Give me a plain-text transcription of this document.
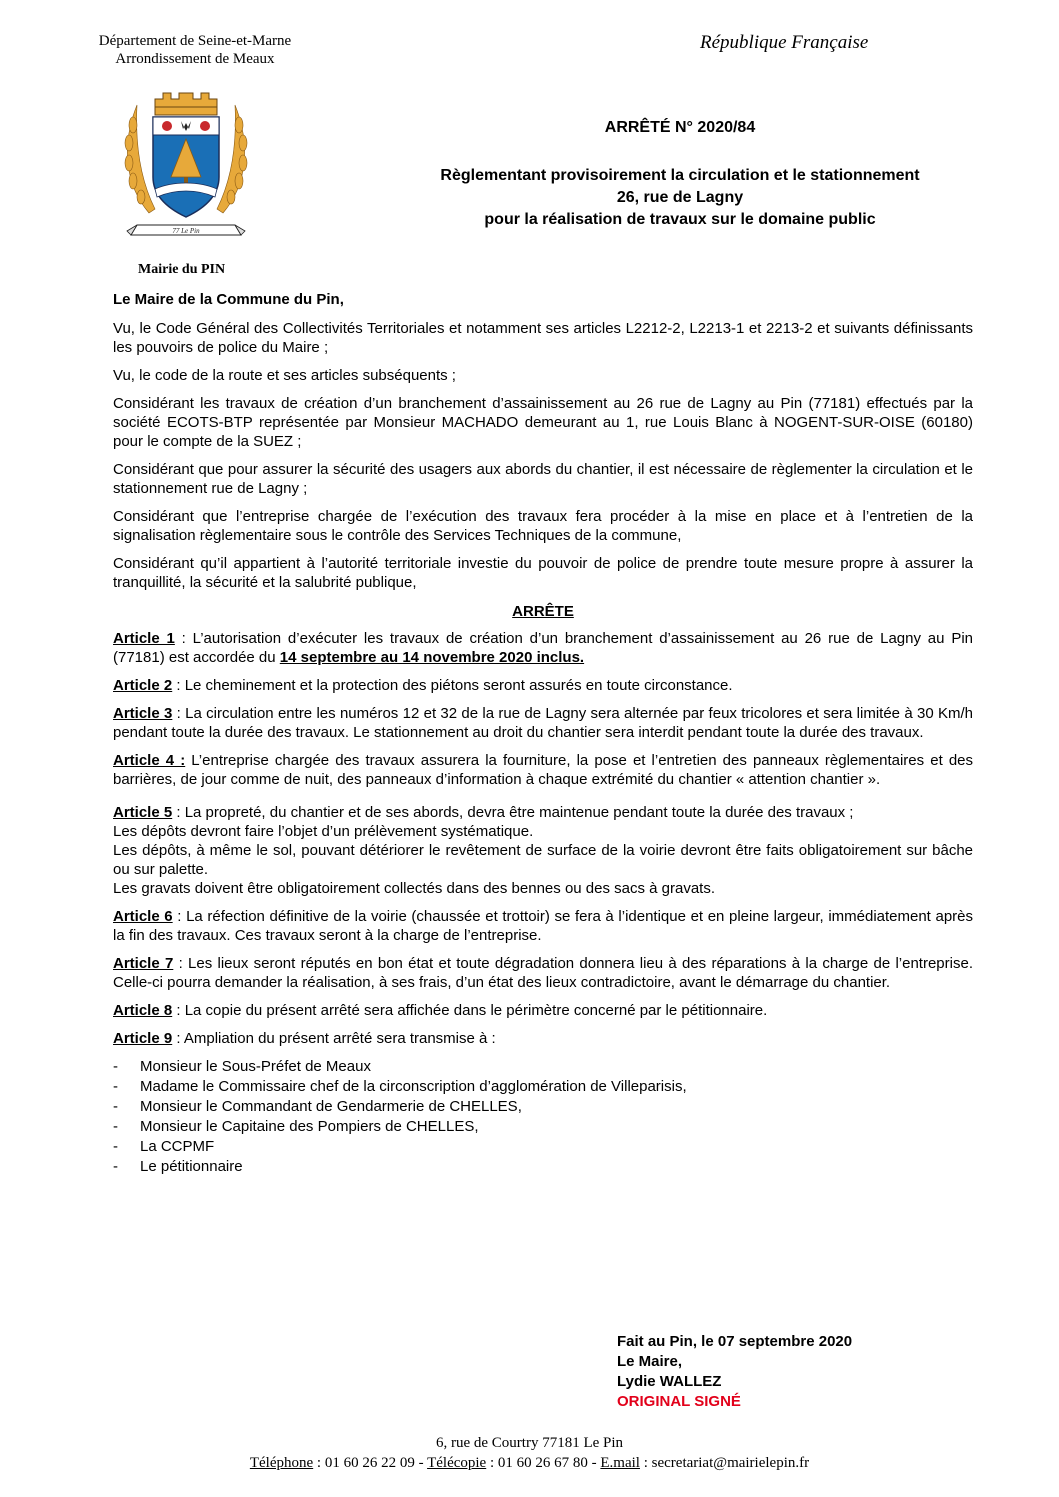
Département de Seine-et-Marne
Arrondissement de Meaux
République Française
77 Le Pin
Mairie du PIN
ARRÊTÉ N° 2020/84
Règlementant provisoirement la circulation et le stationnement
26, rue de Lagny
pour la réalisation de travaux sur le domaine public

Le Maire de la Commune du Pin,

Vu, le Code Général des Collectivités Territoriales et notamment ses articles L2212-2, L2213-1 et 2213-2 et suivants définissants les pouvoirs de police du Maire ;

Vu, le code de la route et ses articles subséquents ;

Considérant les travaux de création d’un branchement d’assainissement au 26 rue de Lagny au Pin (77181) effectués par la société ECOTS-BTP représentée par Monsieur MACHADO demeurant au 1, rue Louis Blanc à NOGENT-SUR-OISE (60180) pour le compte de la SUEZ ;

Considérant que pour assurer la sécurité des usagers aux abords du chantier, il est nécessaire de règlementer la circulation et le stationnement rue de Lagny ;

Considérant que l’entreprise chargée de l’exécution des travaux fera procéder à la mise en place et à l’entretien de la signalisation règlementaire sous le contrôle des Services Techniques de la commune,

Considérant qu’il appartient à l’autorité territoriale investie du pouvoir de police de prendre toute mesure propre à assurer la tranquillité, la sécurité et la salubrité publique,

ARRÊTE

Article 1 : L’autorisation d’exécuter les travaux de création d’un branchement d’assainissement au 26 rue de Lagny au Pin (77181) est accordée du 14 septembre au 14 novembre 2020 inclus.

Article 2 : Le cheminement et la protection des piétons seront assurés en toute circonstance.

Article 3 : La circulation entre les numéros 12 et 32 de la rue de Lagny sera alternée par feux tricolores et sera limitée à 30 Km/h pendant toute la durée des travaux. Le stationnement au droit du chantier sera interdit pendant toute la durée des travaux.

Article 4 : L’entreprise chargée des travaux assurera la fourniture, la pose et l’entretien des panneaux règlementaires et des barrières, de jour comme de nuit, des panneaux d’information à chaque extrémité du chantier « attention chantier ».

Article 5 : La propreté, du chantier et de ses abords, devra être maintenue pendant toute la durée des travaux ;
Les dépôts devront faire l’objet d’un prélèvement systématique.
Les dépôts, à même le sol, pouvant détériorer le revêtement de surface de la voirie devront être faits obligatoirement sur bâche ou sur palette.
Les gravats doivent être obligatoirement collectés dans des bennes ou des sacs à gravats.

Article 6 : La réfection définitive de la voirie (chaussée et trottoir) se fera à l’identique et en pleine largeur, immédiatement après la fin des travaux. Ces travaux seront à la charge de l’entreprise.

Article 7 : Les lieux seront réputés en bon état et toute dégradation donnera lieu à des réparations à la charge de l’entreprise. Celle-ci pourra demander la réalisation, à ses frais, d’un état des lieux contradictoire, avant le démarrage du chantier.

Article 8 : La copie du présent arrêté sera affichée dans le périmètre concerné par le pétitionnaire.

Article 9 : Ampliation du présent arrêté sera transmise à :

- Monsieur le Sous-Préfet de Meaux
- Madame le Commissaire chef de la circonscription d’agglomération de Villeparisis,
- Monsieur le Commandant de Gendarmerie de CHELLES,
- Monsieur le Capitaine des Pompiers de CHELLES,
- La CCPMF
- Le pétitionnaire
Fait au Pin, le 07 septembre 2020
Le Maire,
Lydie WALLEZ
ORIGINAL SIGNÉ
6, rue de Courtry 77181 Le Pin
Téléphone : 01 60 26 22 09 - Télécopie : 01 60 26 67 80 - E.mail : secretariat@mairielepin.fr
